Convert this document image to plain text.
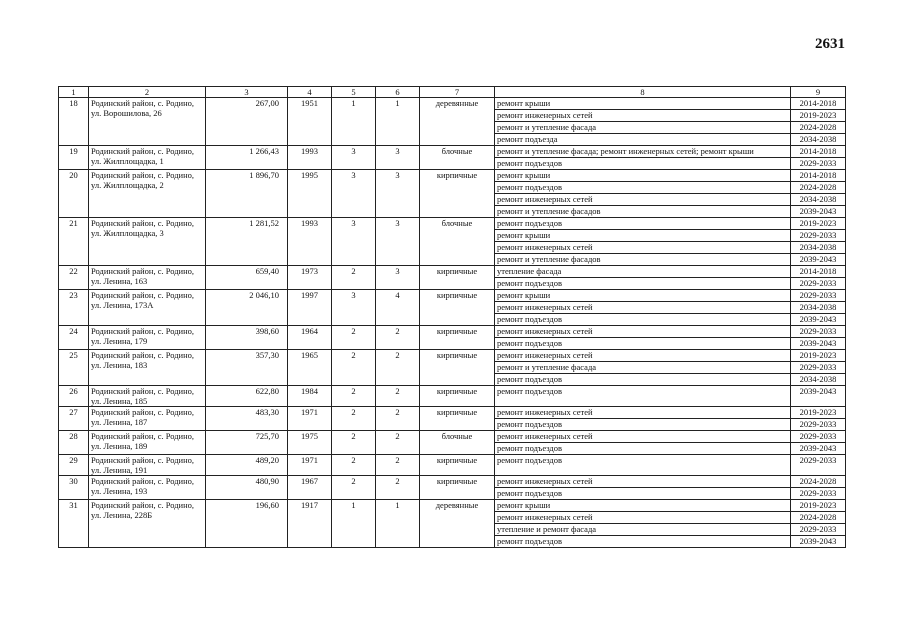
2631
1	2	3	4	5	6	7	8	9
18	Родинский район, с. Родино, ул. Ворошилова, 26	267,00	1951	1	1	деревянные	ремонт крыши	2014-2018
							ремонт инженерных сетей	2019-2023
							ремонт и утепление фасада	2024-2028
							ремонт подъезда	2034-2038
19	Родинский район, с. Родино, ул. Жилплощадка, 1	1 266,43	1993	3	3	блочные	ремонт и утепление фасада; ремонт инженерных сетей; ремонт крыши	2014-2018
							ремонт подъездов	2029-2033
20	Родинский район, с. Родино, ул. Жилплощадка, 2	1 896,70	1995	3	3	кирпичные	ремонт крыши	2014-2018
							ремонт подъездов	2024-2028
							ремонт инженерных сетей	2034-2038
							ремонт и утепление фасадов	2039-2043
21	Родинский район, с. Родино, ул. Жилплощадка, 3	1 281,52	1993	3	3	блочные	ремонт подъездов	2019-2023
							ремонт крыши	2029-2033
							ремонт инженерных сетей	2034-2038
							ремонт и утепление фасадов	2039-2043
22	Родинский район, с. Родино, ул. Ленина, 163	659,40	1973	2	3	кирпичные	утепление фасада	2014-2018
							ремонт подъездов	2029-2033
23	Родинский район, с. Родино, ул. Ленина, 173А	2 046,10	1997	3	4	кирпичные	ремонт крыши	2029-2033
							ремонт инженерных сетей	2034-2038
							ремонт подъездов	2039-2043
24	Родинский район, с. Родино, ул. Ленина, 179	398,60	1964	2	2	кирпичные	ремонт инженерных сетей	2029-2033
							ремонт подъездов	2039-2043
25	Родинский район, с. Родино, ул. Ленина, 183	357,30	1965	2	2	кирпичные	ремонт инженерных сетей	2019-2023
							ремонт и утепление фасада	2029-2033
							ремонт подъездов	2034-2038
26	Родинский район, с. Родино, ул. Ленина, 185	622,80	1984	2	2	кирпичные	ремонт подъездов	2039-2043
27	Родинский район, с. Родино, ул. Ленина, 187	483,30	1971	2	2	кирпичные	ремонт инженерных сетей	2019-2023
							ремонт подъездов	2029-2033
28	Родинский район, с. Родино, ул. Ленина, 189	725,70	1975	2	2	блочные	ремонт инженерных сетей	2029-2033
							ремонт подъездов	2039-2043
29	Родинский район, с. Родино, ул. Ленина, 191	489,20	1971	2	2	кирпичные	ремонт подъездов	2029-2033
30	Родинский район, с. Родино, ул. Ленина, 193	480,90	1967	2	2	кирпичные	ремонт инженерных сетей	2024-2028
							ремонт подъездов	2029-2033
31	Родинский район, с. Родино, ул. Ленина, 228Б	196,60	1917	1	1	деревянные	ремонт крыши	2019-2023
							ремонт инженерных сетей	2024-2028
							утепление и ремонт фасада	2029-2033
							ремонт подъездов	2039-2043
